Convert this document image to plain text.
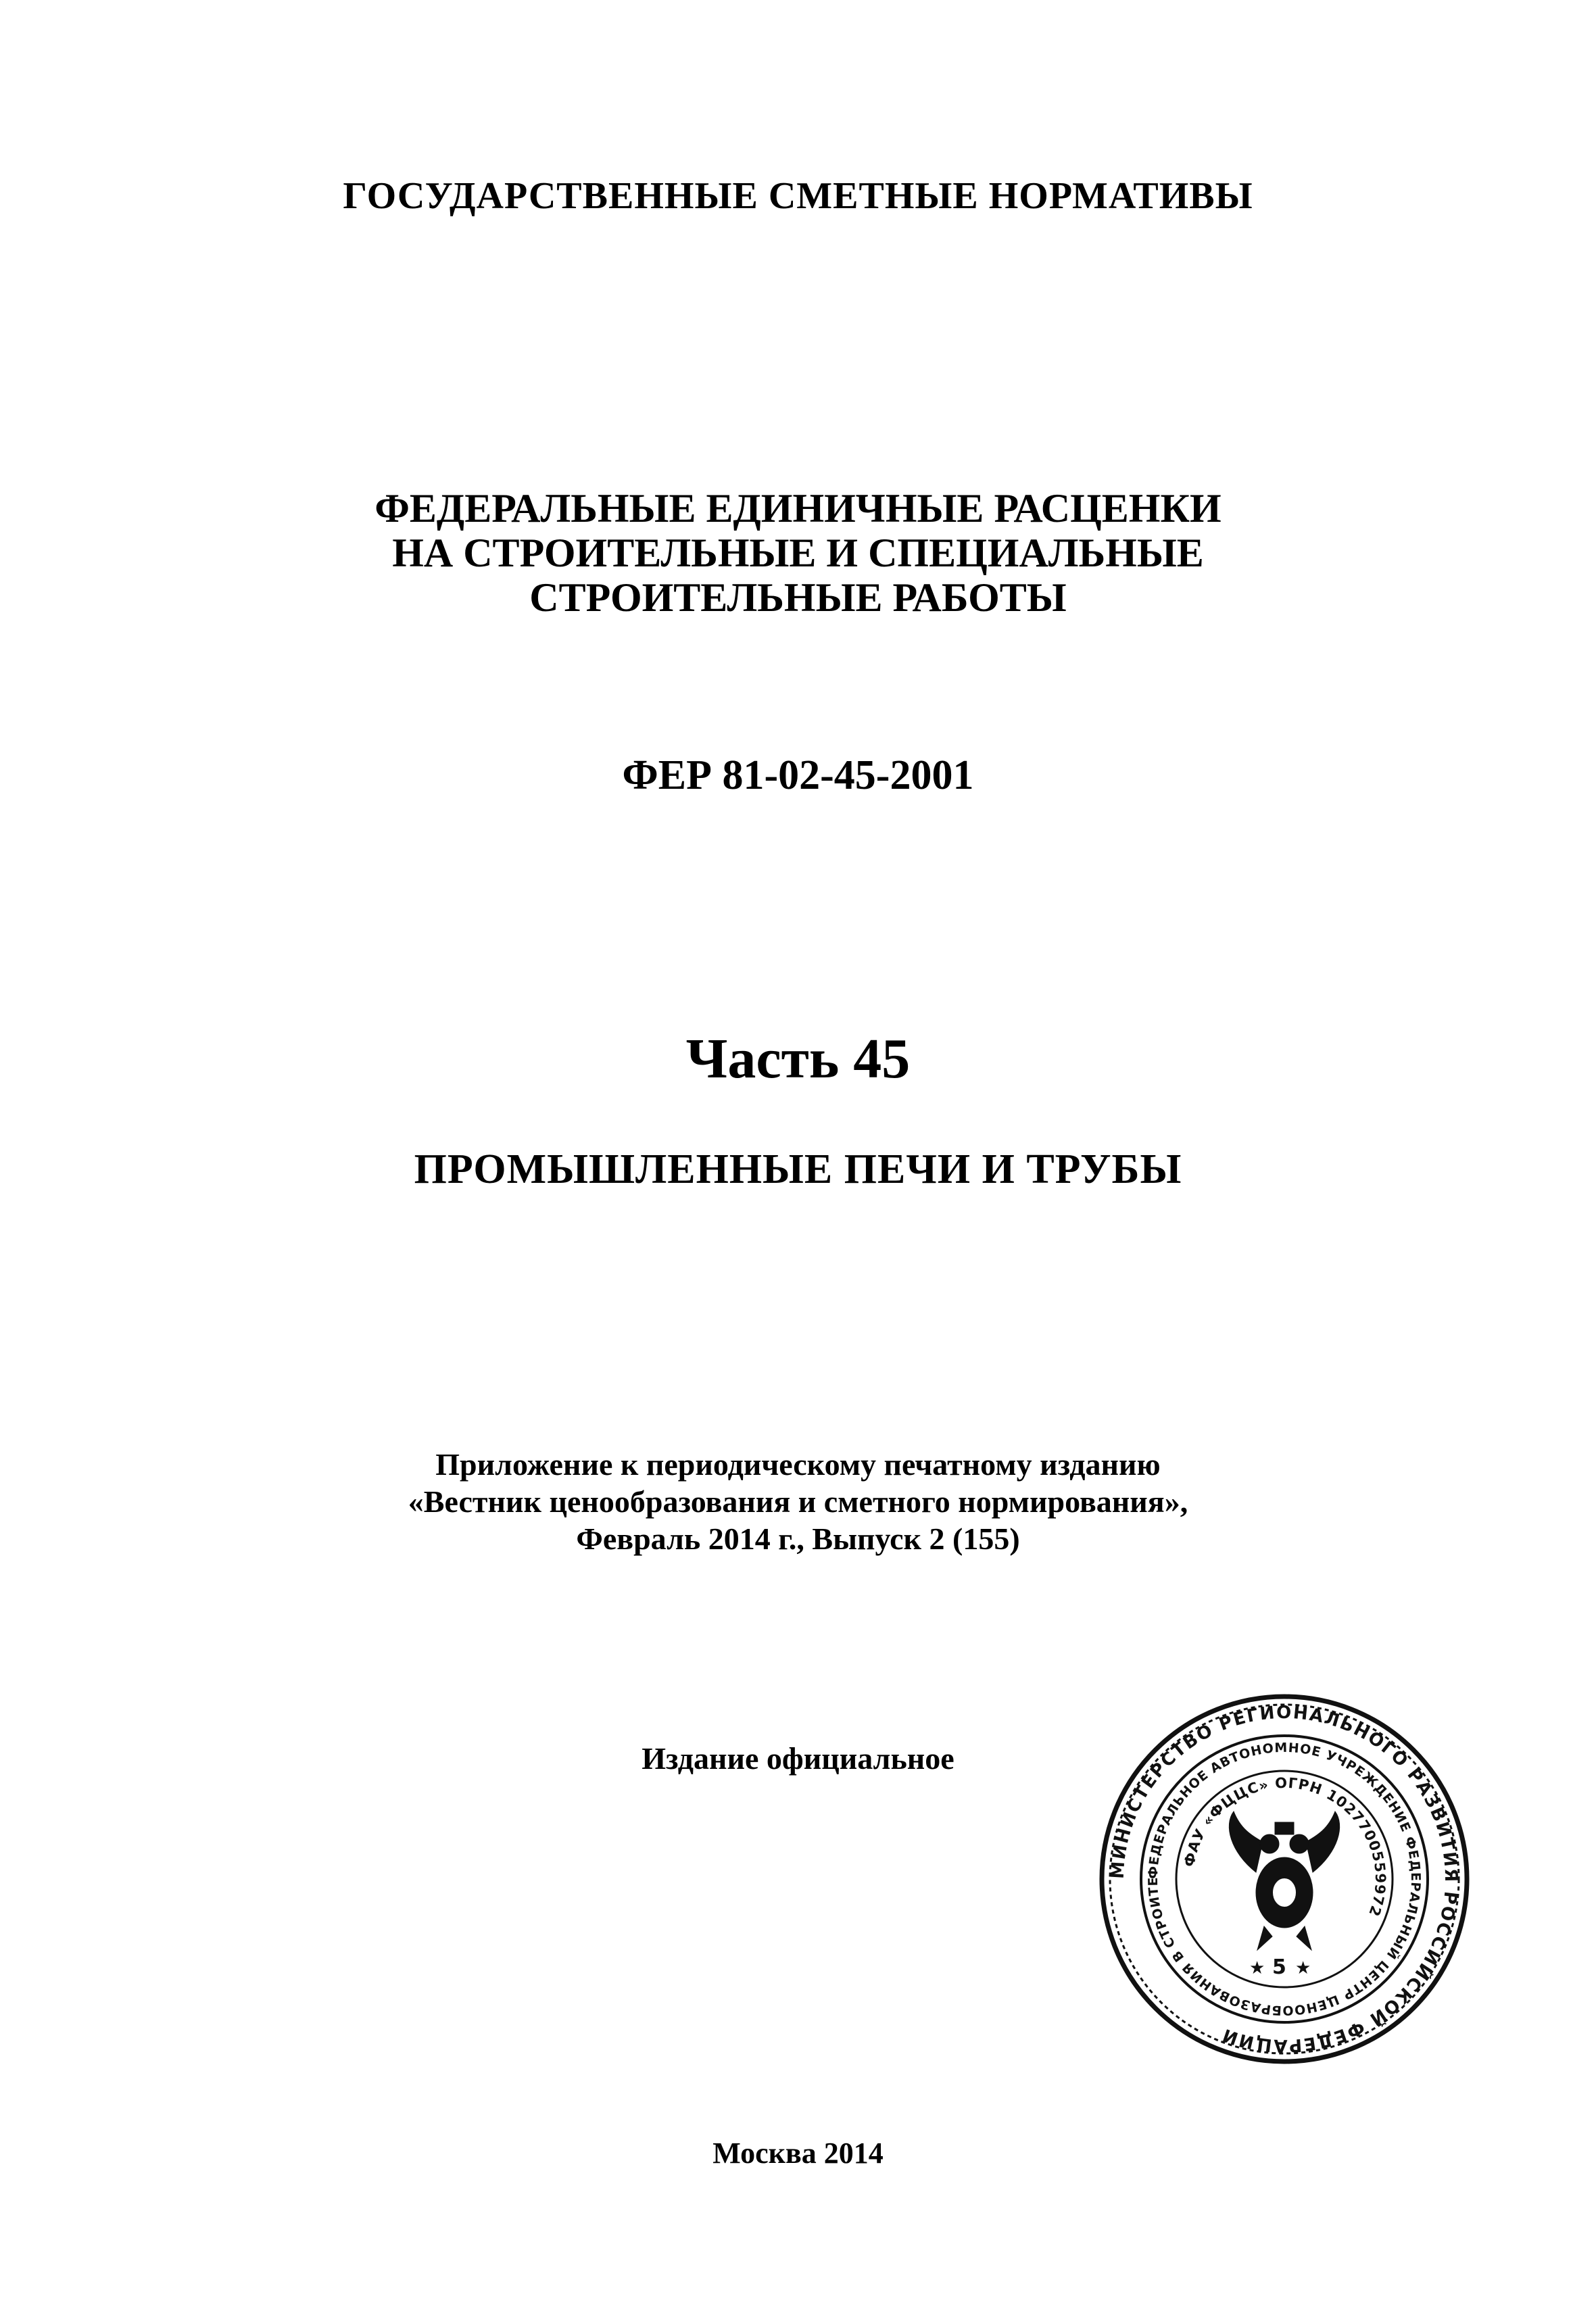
ГОСУДАРСТВЕННЫЕ СМЕТНЫЕ НОРМАТИВЫ
ФЕДЕРАЛЬНЫЕ ЕДИНИЧНЫЕ РАСЦЕНКИ
НА СТРОИТЕЛЬНЫЕ И СПЕЦИАЛЬНЫЕ
СТРОИТЕЛЬНЫЕ РАБОТЫ
ФЕР 81-02-45-2001
Часть 45
ПРОМЫШЛЕННЫЕ ПЕЧИ И ТРУБЫ
Приложение к периодическому печатному изданию
«Вестник ценообразования и сметного нормирования»,
Февраль 2014 г., Выпуск 2 (155)
Издание официальное
Москва 2014
МИНИСТЕРСТВО РЕГИОНАЛЬНОГО РАЗВИТИЯ РОССИЙСКОЙ ФЕДЕРАЦИИ
ФЕДЕРАЛЬНОЕ АВТОНОМНОЕ УЧРЕЖДЕНИЕ ФЕДЕРАЛЬНЫЙ ЦЕНТР ЦЕНООБРАЗОВАНИЯ В СТРОИТЕ
ФАУ «ФЦЦС» ОГРН 1027700559972
5
★ ★
